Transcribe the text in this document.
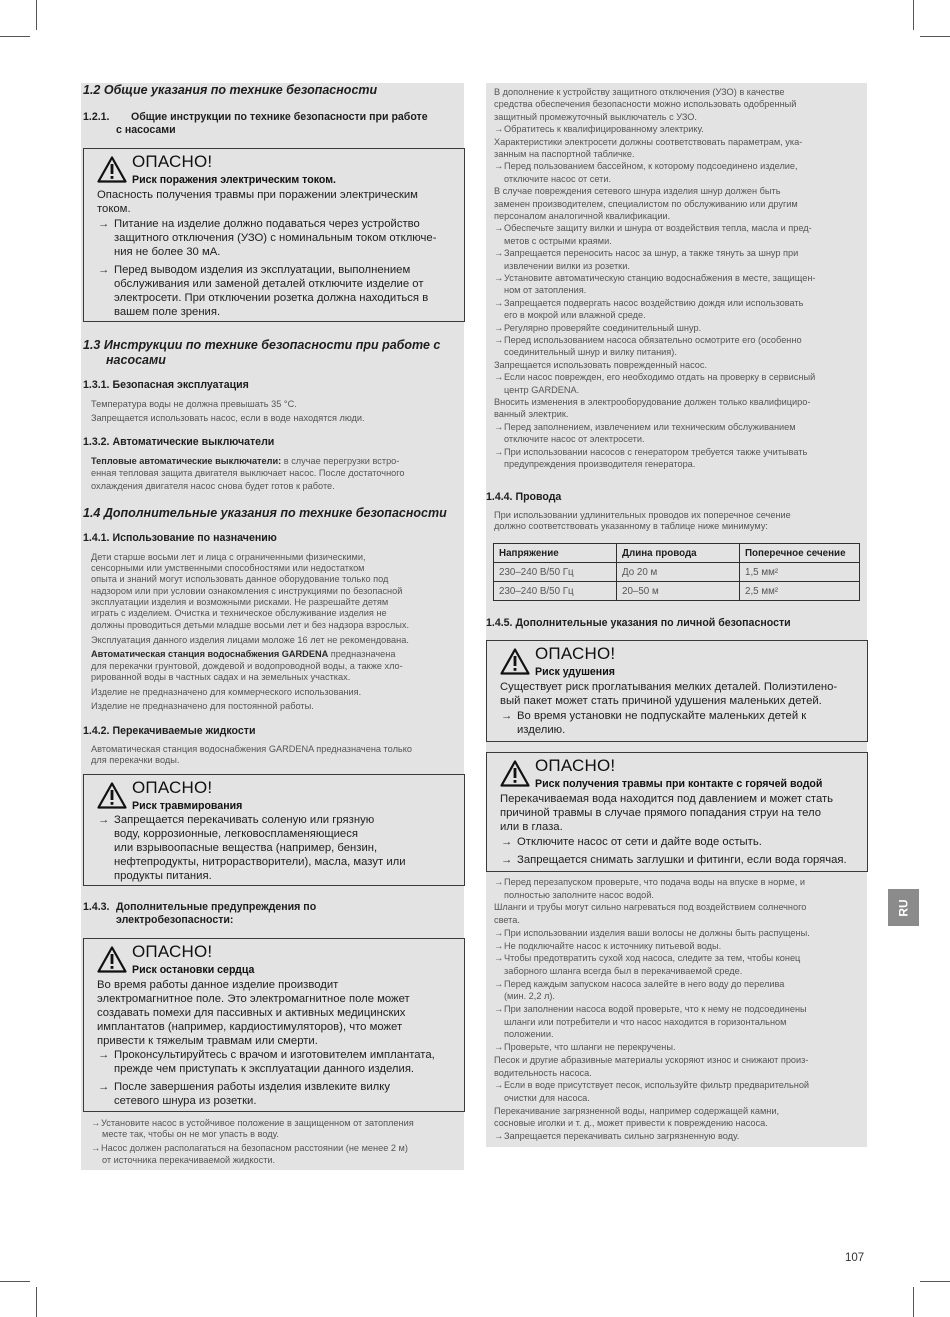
1.2 Общие указания по технике безопасности
1.2.1. Общие инструкции по технике безопасности при работе
с насосами
ОПАСНО!
Риск поражения электрическим током.
Опасность получения травмы при поражении электрическим
током.
→ Питание на изделие должно подаваться через устройство
защитного отключения (УЗО) с номинальным током отключе-
ния не более 30 мА.
→ Перед выводом изделия из эксплуатации, выполнением
обслуживания или заменой деталей отключите изделие от
электросети. При отключении розетка должна находиться в
вашем поле зрения.
1.3 Инструкции по технике безопасности при работе с
насосами
1.3.1. Безопасная эксплуатация
Температура воды не должна превышать 35 °C.
Запрещается использовать насос, если в воде находятся люди.
1.3.2. Автоматические выключатели
Тепловые автоматические выключатели: в случае перегрузки встро-
енная тепловая защита двигателя выключает насос. После достаточного
охлаждения двигателя насос снова будет готов к работе.
1.4 Дополнительные указания по технике безопасности
1.4.1. Использование по назначению
Дети старше восьми лет и лица с ограниченными физическими,
сенсорными или умственными способностями или недостатком
опыта и знаний могут использовать данное оборудование только под
надзором или при условии ознакомления с инструкциями по безопасной
эксплуатации изделия и возможными рисками. Не разрешайте детям
играть с изделием. Очистка и техническое обслуживание изделия не
должны проводиться детьми младше восьми лет и без надзора взрослых.
Эксплуатация данного изделия лицами моложе 16 лет не рекомендована.
Автоматическая станция водоснабжения GARDENA предназначена
для перекачки грунтовой, дождевой и водопроводной воды, а также хло-
рированной воды в частных садах и на земельных участках.
Изделие не предназначено для коммерческого использования.
Изделие не предназначено для постоянной работы.
1.4.2. Перекачиваемые жидкости
Автоматическая станция водоснабжения GARDENA предназначена только
для перекачки воды.
ОПАСНО!
Риск травмирования
→ Запрещается перекачивать соленую или грязную
воду, коррозионные, легковоспламеняющиеся
или взрывоопасные вещества (например, бензин,
нефтепродукты, нитрорастворители), масла, мазут или
продукты питания.
1.4.3. Дополнительные предупреждения по
электробезопасности:
ОПАСНО!
Риск остановки сердца
Во время работы данное изделие производит
электромагнитное поле. Это электромагнитное поле может
создавать помехи для пассивных и активных медицинских
имплантатов (например, кардиостимуляторов), что может
привести к тяжелым травмам или смерти.
→ Проконсультируйтесь с врачом и изготовителем имплантата,
прежде чем приступать к эксплуатации данного изделия.
→ После завершения работы изделия извлеките вилку
сетевого шнура из розетки.
→ Установите насос в устойчивое положение в защищенном от затопления
месте так, чтобы он не мог упасть в воду.
→ Насос должен располагаться на безопасном расстоянии (не менее 2 м)
от источника перекачиваемой жидкости.
В дополнение к устройству защитного отключения (УЗО) в качестве
средства обеспечения безопасности можно использовать одобренный
защитный промежуточный выключатель с УЗО.
→ Обратитесь к квалифицированному электрику.
Характеристики электросети должны соответствовать параметрам, ука-
занным на паспортной табличке.
→ Перед пользованием бассейном, к которому подсоединено изделие,
отключите насос от сети.
В случае повреждения сетевого шнура изделия шнур должен быть
заменен производителем, специалистом по обслуживанию или другим
персоналом аналогичной квалификации.
→ Обеспечьте защиту вилки и шнура от воздействия тепла, масла и пред-
метов с острыми краями.
→ Запрещается переносить насос за шнур, а также тянуть за шнур при
извлечении вилки из розетки.
→ Установите автоматическую станцию водоснабжения в месте, защищен-
ном от затопления.
→ Запрещается подвергать насос воздействию дождя или использовать
его в мокрой или влажной среде.
→ Регулярно проверяйте соединительный шнур.
→ Перед использованием насоса обязательно осмотрите его (особенно
соединительный шнур и вилку питания).
Запрещается использовать поврежденный насос.
→ Если насос поврежден, его необходимо отдать на проверку в сервисный
центр GARDENA.
Вносить изменения в электрооборудование должен только квалифициро-
ванный электрик.
→ Перед заполнением, извлечением или техническим обслуживанием
отключите насос от электросети.
→ При использовании насосов с генератором требуется также учитывать
предупреждения производителя генератора.
1.4.4. Провода
При использовании удлинительных проводов их поперечное сечение
должно соответствовать указанному в таблице ниже минимуму:
Напряжение	Длина провода	Поперечное сечение
230–240 В/50 Гц	До 20 м	1,5 мм²
230–240 В/50 Гц	20–50 м	2,5 мм²
1.4.5. Дополнительные указания по личной безопасности
ОПАСНО!
Риск удушения
Существует риск проглатывания мелких деталей. Полиэтилено-
вый пакет может стать причиной удушения маленьких детей.
→ Во время установки не подпускайте маленьких детей к
изделию.
ОПАСНО!
Риск получения травмы при контакте с горячей водой
Перекачиваемая вода находится под давлением и может стать
причиной травмы в случае прямого попадания струи на тело
или в глаза.
→ Отключите насос от сети и дайте воде остыть.
→ Запрещается снимать заглушки и фитинги, если вода горячая.
→ Перед перезапуском проверьте, что подача воды на впуске в норме, и
полностью заполните насос водой.
Шланги и трубы могут сильно нагреваться под воздействием солнечного
света.
→ При использовании изделия ваши волосы не должны быть распущены.
→ Не подключайте насос к источнику питьевой воды.
→ Чтобы предотвратить сухой ход насоса, следите за тем, чтобы конец
заборного шланга всегда был в перекачиваемой среде.
→ Перед каждым запуском насоса залейте в него воду до перелива
(мин. 2,2 л).
→ При заполнении насоса водой проверьте, что к нему не подсоединены
шланги или потребители и что насос находится в горизонтальном
положении.
→ Проверьте, что шланги не перекручены.
Песок и другие абразивные материалы ускоряют износ и снижают произ-
водительность насоса.
→ Если в воде присутствует песок, используйте фильтр предварительной
очистки для насоса.
Перекачивание загрязненной воды, например содержащей камни,
сосновые иголки и т. д., может привести к повреждению насоса.
→ Запрещается перекачивать сильно загрязненную воду.
RU
107
